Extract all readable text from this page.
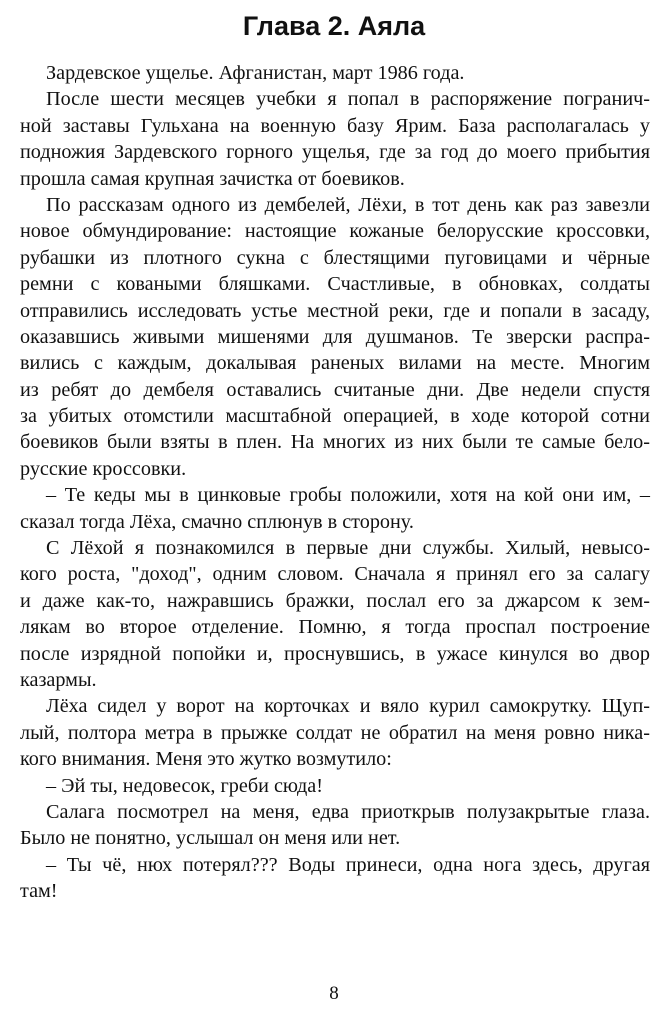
Глава 2. Аяла
Зардевское ущелье. Афганистан, март 1986 года.
После шести месяцев учебки я попал в распоряжение погранич-
ной заставы Гульхана на военную базу Ярим. База располагалась у
подножия Зардевского горного ущелья, где за год до моего прибытия
прошла самая крупная зачистка от боевиков.
По рассказам одного из дембелей, Лёхи, в тот день как раз завезли
новое обмундирование: настоящие кожаные белорусские кроссовки,
рубашки из плотного сукна с блестящими пуговицами и чёрные
ремни с коваными бляшками. Счастливые, в обновках, солдаты
отправились исследовать устье местной реки, где и попали в засаду,
оказавшись живыми мишенями для душманов. Те зверски распра-
вились с каждым, докалывая раненых вилами на месте. Многим
из ребят до дембеля оставались считаные дни. Две недели спустя
за убитых отомстили масштабной операцией, в ходе которой сотни
боевиков были взяты в плен. На многих из них были те самые бело-
русские кроссовки.
– Те кеды мы в цинковые гробы положили, хотя на кой они им, –
сказал тогда Лёха, смачно сплюнув в сторону.
С Лёхой я познакомился в первые дни службы. Хилый, невысо-
кого роста, "доход", одним словом. Сначала я принял его за салагу
и даже как-то, нажравшись бражки, послал его за джарсом к зем-
лякам во второе отделение. Помню, я тогда проспал построение
после изрядной попойки и, проснувшись, в ужасе кинулся во двор
казармы.
Лёха сидел у ворот на корточках и вяло курил самокрутку. Щуп-
лый, полтора метра в прыжке солдат не обратил на меня ровно ника-
кого внимания. Меня это жутко возмутило:
– Эй ты, недовесок, греби сюда!
Салага посмотрел на меня, едва приоткрыв полузакрытые глаза.
Было не понятно, услышал он меня или нет.
– Ты чё, нюх потерял??? Воды принеси, одна нога здесь, другая
там!
8
